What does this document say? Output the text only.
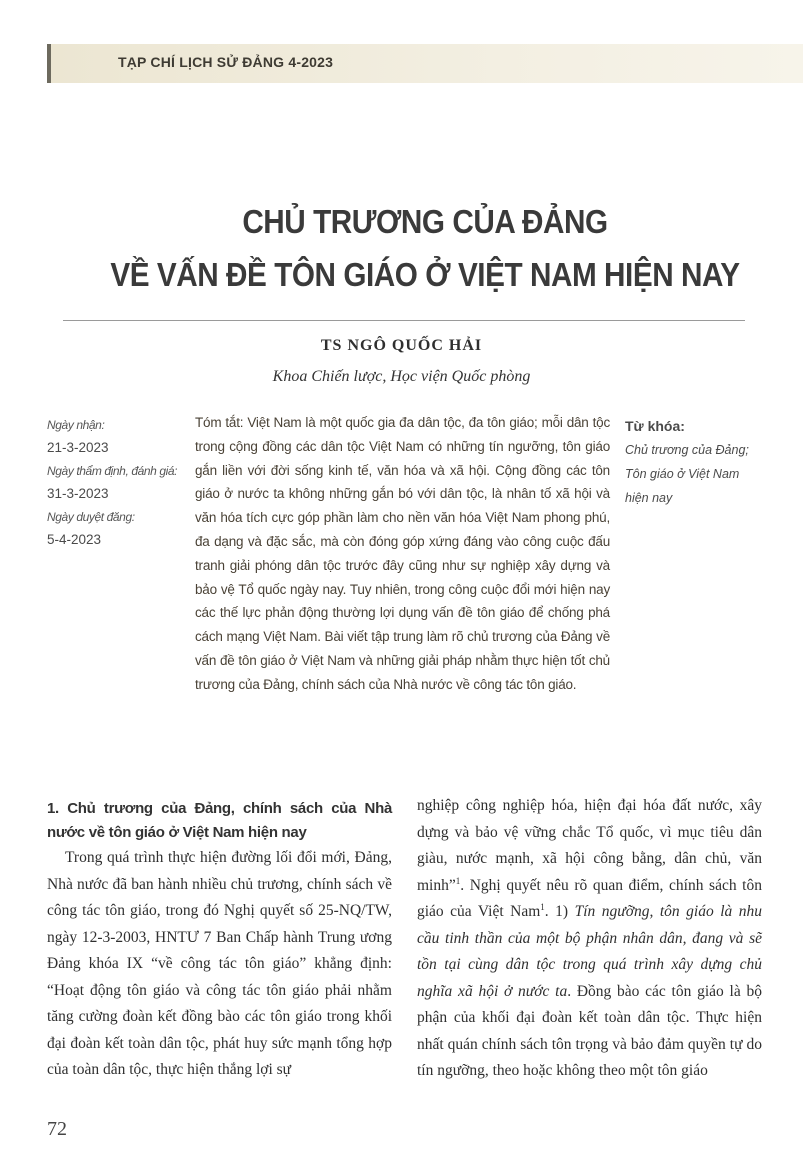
TẠP CHÍ LỊCH SỬ ĐẢNG 4-2023
CHỦ TRƯƠNG CỦA ĐẢNG
VỀ VẤN ĐỀ TÔN GIÁO Ở VIỆT NAM HIỆN NAY
TS NGÔ QUỐC HẢI
Khoa Chiến lược, Học viện Quốc phòng
Ngày nhận:
21-3-2023
Ngày thẩm định, đánh giá:
31-3-2023
Ngày duyệt đăng:
5-4-2023
Tóm tắt: Việt Nam là một quốc gia đa dân tộc, đa tôn giáo; mỗi dân tộc trong cộng đồng các dân tộc Việt Nam có những tín ngưỡng, tôn giáo gắn liền với đời sống kinh tế, văn hóa và xã hội. Cộng đồng các tôn giáo ở nước ta không những gắn bó với dân tộc, là nhân tố xã hội và văn hóa tích cực góp phần làm cho nền văn hóa Việt Nam phong phú, đa dạng và đặc sắc, mà còn đóng góp xứng đáng vào công cuộc đấu tranh giải phóng dân tộc trước đây cũng như sự nghiệp xây dựng và bảo vệ Tổ quốc ngày nay. Tuy nhiên, trong công cuộc đổi mới hiện nay các thế lực phản động thường lợi dụng vấn đề tôn giáo để chống phá cách mạng Việt Nam. Bài viết tập trung làm rõ chủ trương của Đảng về vấn đề tôn giáo ở Việt Nam và những giải pháp nhằm thực hiện tốt chủ trương của Đảng, chính sách của Nhà nước về công tác tôn giáo.
Từ khóa:
Chủ trương của Đảng;
Tôn giáo ở Việt Nam
hiện nay
1. Chủ trương của Đảng, chính sách của Nhà nước về tôn giáo ở Việt Nam hiện nay
Trong quá trình thực hiện đường lối đổi mới, Đảng, Nhà nước đã ban hành nhiều chủ trương, chính sách về công tác tôn giáo, trong đó Nghị quyết số 25-NQ/TW, ngày 12-3-2003, HNTƯ 7 Ban Chấp hành Trung ương Đảng khóa IX “về công tác tôn giáo” khẳng định: “Hoạt động tôn giáo và công tác tôn giáo phải nhằm tăng cường đoàn kết đồng bào các tôn giáo trong khối đại đoàn kết toàn dân tộc, phát huy sức mạnh tổng hợp của toàn dân tộc, thực hiện thắng lợi sự
nghiệp công nghiệp hóa, hiện đại hóa đất nước, xây dựng và bảo vệ vững chắc Tổ quốc, vì mục tiêu dân giàu, nước mạnh, xã hội công bằng, dân chủ, văn minh”$^1$. Nghị quyết nêu rõ quan điểm, chính sách tôn giáo của Việt Nam$^1$. 1) Tín ngưỡng, tôn giáo là nhu cầu tinh thần của một bộ phận nhân dân, đang và sẽ tồn tại cùng dân tộc trong quá trình xây dựng chủ nghĩa xã hội ở nước ta. Đồng bào các tôn giáo là bộ phận của khối đại đoàn kết toàn dân tộc. Thực hiện nhất quán chính sách tôn trọng và bảo đảm quyền tự do tín ngưỡng, theo hoặc không theo một tôn giáo
72
